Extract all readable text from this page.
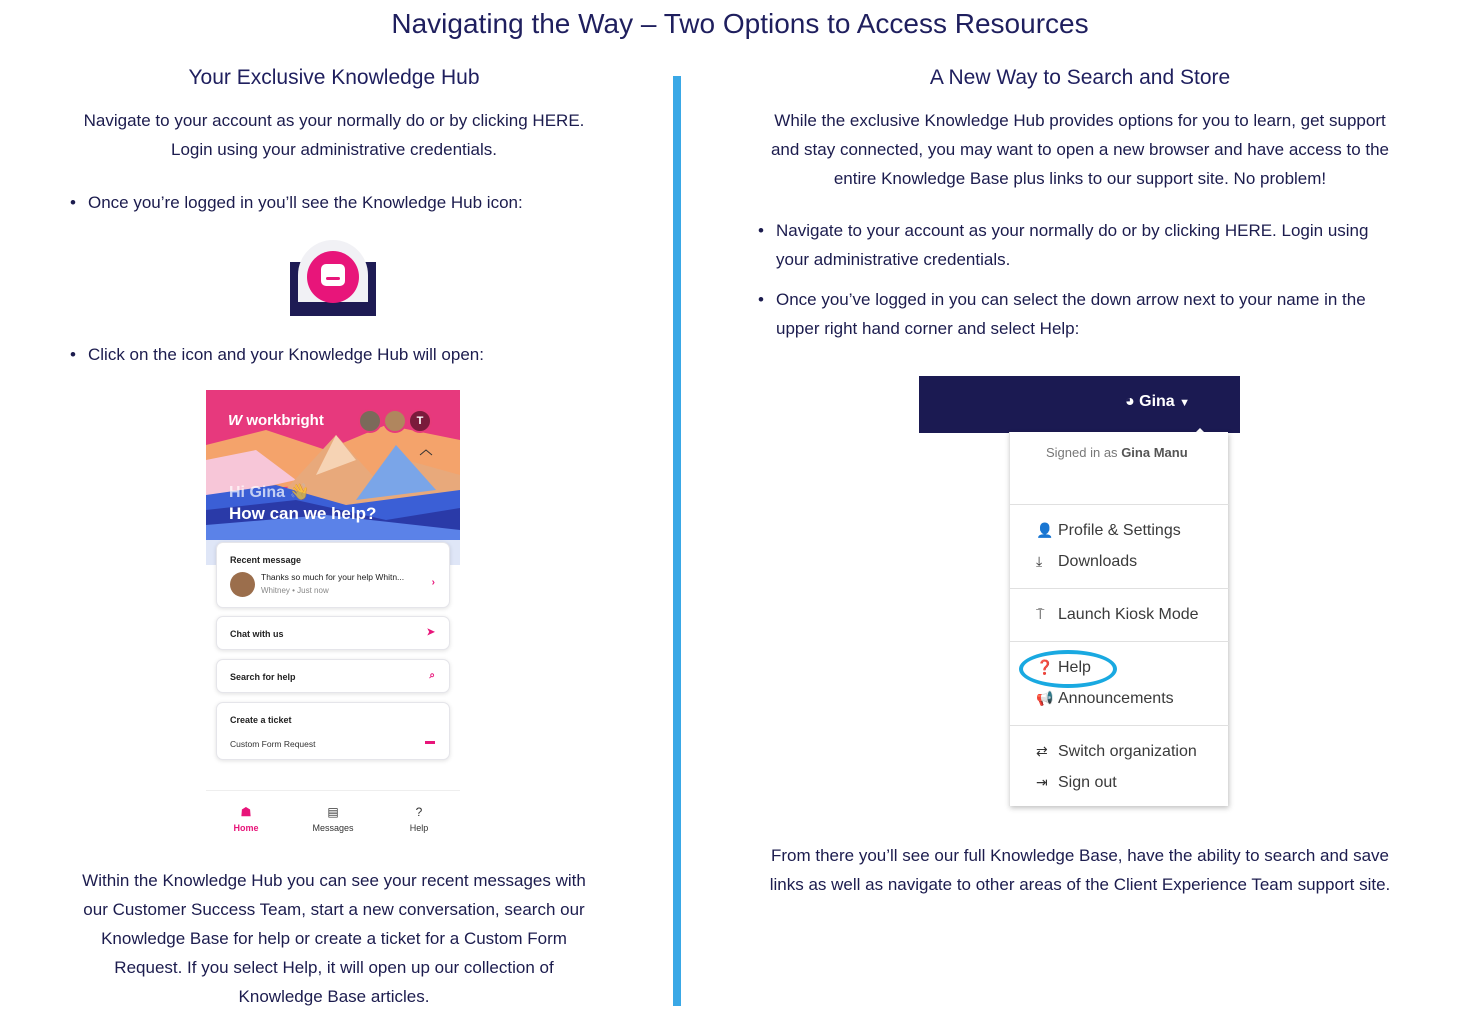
Navigating the Way – Two Options to Access Resources
Your Exclusive Knowledge Hub
Navigate to your account as your normally do or by clicking HERE.
Login using your administrative credentials.
• Once you’re logged in you’ll see the Knowledge Hub icon:
• Click on the icon and your Knowledge Hub will open:
W workbright	T
Hi Gina 👋
How can we help?
Recent message
Thanks so much for your help Whitn...
Whitney • Just now
›
Chat with us	➤
Search for help	⌕
Create a ticket
Custom Form Request	▬
☗
Home
▤
Messages
?
Help
Within the Knowledge Hub you can see your recent messages with
our Customer Success Team, start a new conversation, search our
Knowledge Base for help or create a ticket for a Custom Form
Request. If you select Help, it will open up our collection of
Knowledge Base articles.
A New Way to Search and Store
While the exclusive Knowledge Hub provides options for you to learn, get support
and stay connected, you may want to open a new browser and have access to the
entire Knowledge Base plus links to our support site. No problem!
• Navigate to your account as your normally do or by clicking HERE. Login using
your administrative credentials.
• Once you’ve logged in you can select the down arrow next to your name in the
upper right hand corner and select Help:
◕ Gina ▼
Signed in as Gina Manu
👤 Profile & Settings
⤓ Downloads
⍑ Launch Kiosk Mode
❓ Help
📢 Announcements
⇄ Switch organization
⇥ Sign out
From there you’ll see our full Knowledge Base, have the ability to search and save
links as well as navigate to other areas of the Client Experience Team support site.
